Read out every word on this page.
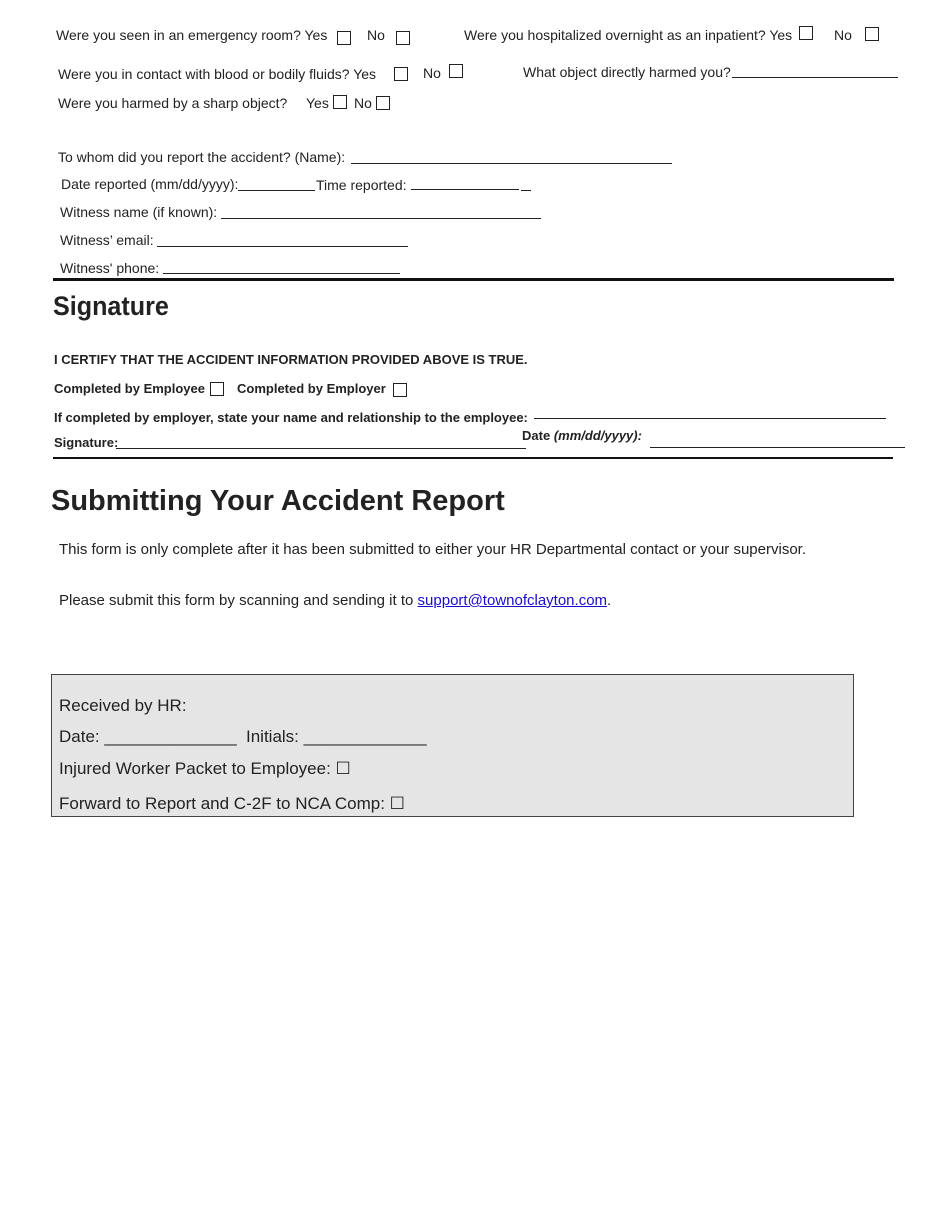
Were you seen in an emergency room? Yes	No	Were you hospitalized overnight as an inpatient? Yes	No
Were you in contact with blood or bodily fluids? Yes	No	What object directly harmed you?
Were you harmed by a sharp object? Yes No
To whom did you report the accident? (Name):
Date reported (mm/dd/yyyy):	Time reported:
Witness name (if known):
Witness’ email:
Witness' phone:
Signature
I CERTIFY THAT THE ACCIDENT INFORMATION PROVIDED ABOVE IS TRUE.
Completed by Employee Completed by Employer
If completed by employer, state your name and relationship to the employee:
Signature:	Date (mm/dd/yyyy):
Submitting Your Accident Report
This form is only complete after it has been submitted to either your HR Departmental contact or your supervisor.
Please submit this form by scanning and sending it to support@townofclayton.com.
Received by HR:
Date: ______________ Initials: _____________
Injured Worker Packet to Employee: ☐
Forward to Report and C-2F to NCA Comp: ☐
